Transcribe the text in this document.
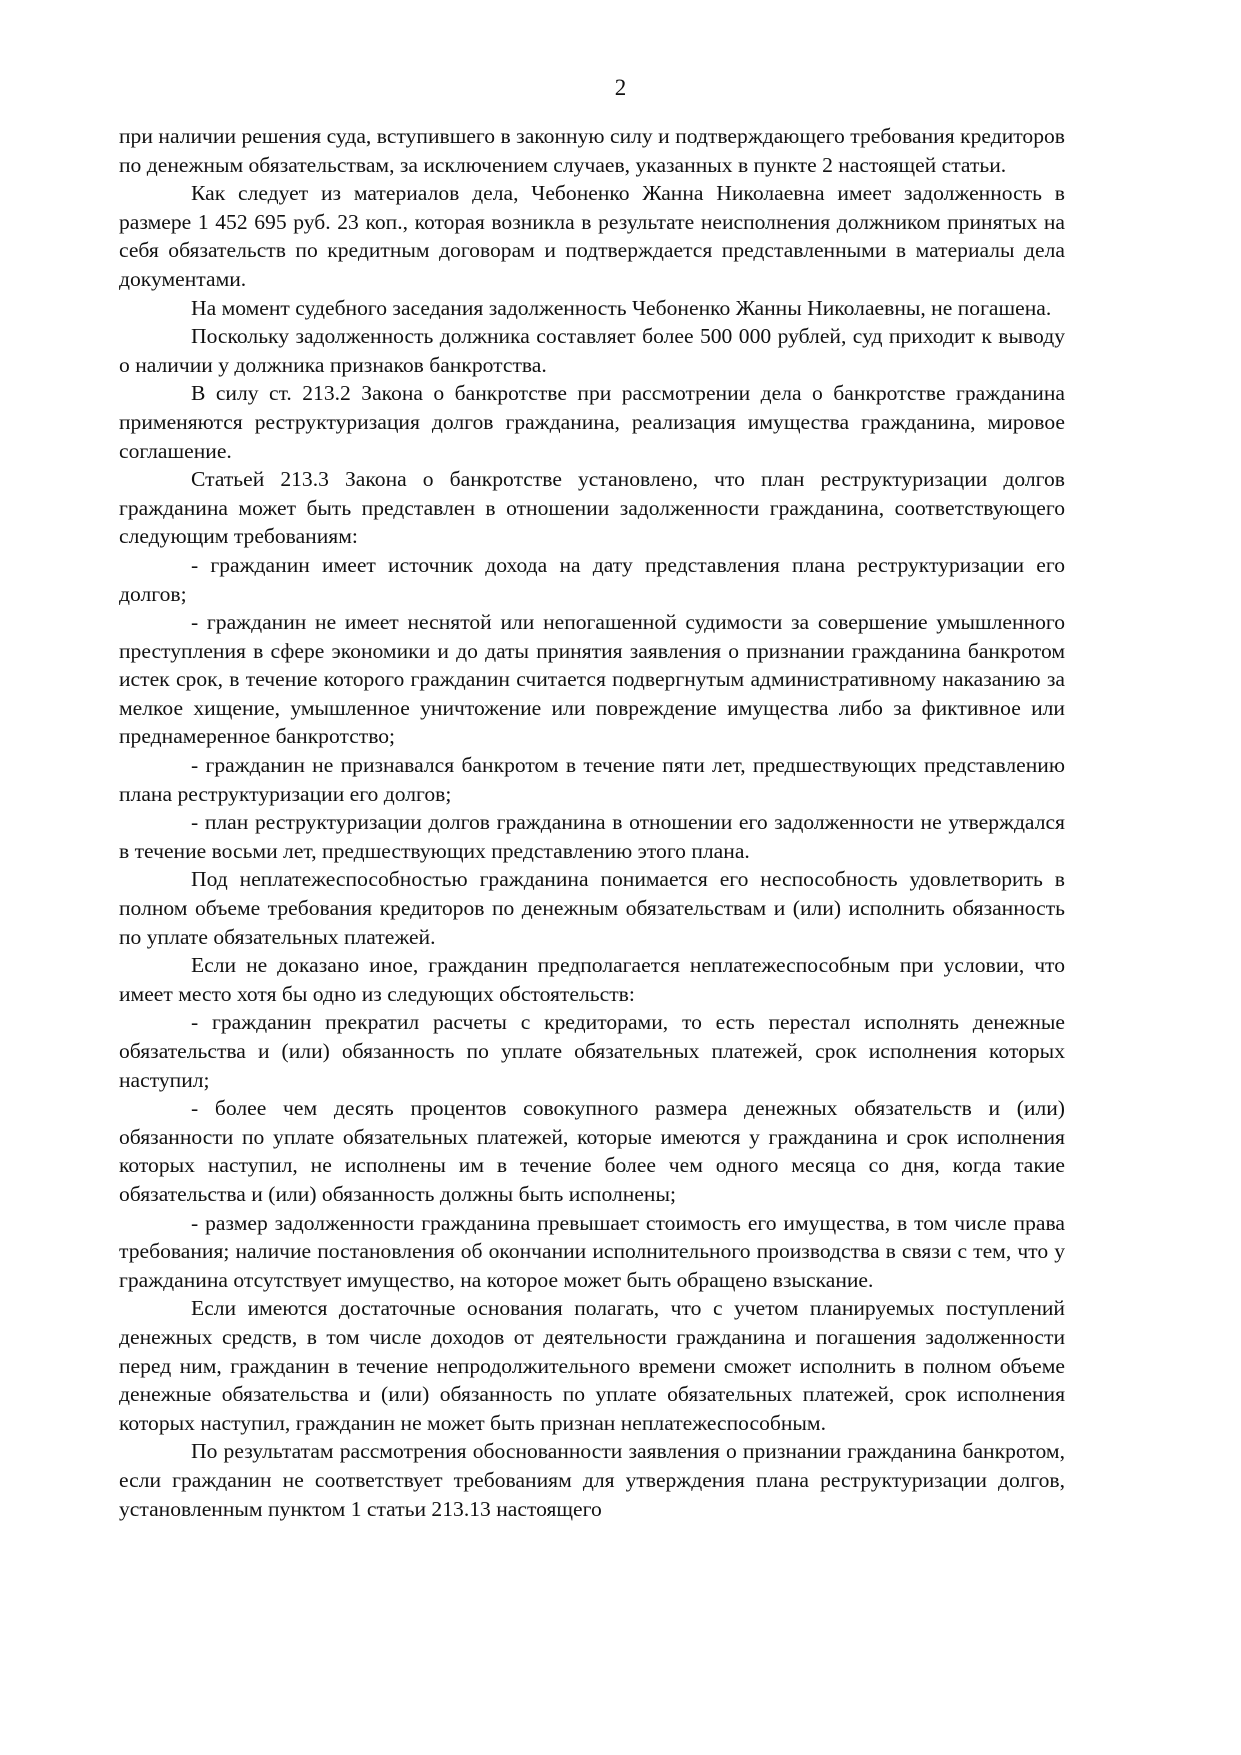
2

при наличии решения суда, вступившего в законную силу и подтверждающего требования кредиторов по денежным обязательствам, за исключением случаев, указанных в пункте 2 настоящей статьи.

Как следует из материалов дела, Чебоненко Жанна Николаевна имеет задолженность в размере 1 452 695 руб. 23 коп., которая возникла в результате неисполнения должником принятых на себя обязательств по кредитным договорам и подтверждается представленными в материалы дела документами.

На момент судебного заседания задолженность Чебоненко Жанны Николаевны, не погашена.

Поскольку задолженность должника составляет более 500 000 рублей, суд приходит к выводу о наличии у должника признаков банкротства.

В силу ст. 213.2 Закона о банкротстве при рассмотрении дела о банкротстве гражданина применяются реструктуризация долгов гражданина, реализация имущества гражданина, мировое соглашение.

Статьей 213.3 Закона о банкротстве установлено, что план реструктуризации долгов гражданина может быть представлен в отношении задолженности гражданина, соответствующего следующим требованиям:

- гражданин имеет источник дохода на дату представления плана реструктуризации его долгов;

- гражданин не имеет неснятой или непогашенной судимости за совершение умышленного преступления в сфере экономики и до даты принятия заявления о признании гражданина банкротом истек срок, в течение которого гражданин считается подвергнутым административному наказанию за мелкое хищение, умышленное уничтожение или повреждение имущества либо за фиктивное или преднамеренное банкротство;

- гражданин не признавался банкротом в течение пяти лет, предшествующих представлению плана реструктуризации его долгов;

- план реструктуризации долгов гражданина в отношении его задолженности не утверждался в течение восьми лет, предшествующих представлению этого плана.

Под неплатежеспособностью гражданина понимается его неспособность удовлетворить в полном объеме требования кредиторов по денежным обязательствам и (или) исполнить обязанность по уплате обязательных платежей.

Если не доказано иное, гражданин предполагается неплатежеспособным при условии, что имеет место хотя бы одно из следующих обстоятельств:

- гражданин прекратил расчеты с кредиторами, то есть перестал исполнять денежные обязательства и (или) обязанность по уплате обязательных платежей, срок исполнения которых наступил;

- более чем десять процентов совокупного размера денежных обязательств и (или) обязанности по уплате обязательных платежей, которые имеются у гражданина и срок исполнения которых наступил, не исполнены им в течение более чем одного месяца со дня, когда такие обязательства и (или) обязанность должны быть исполнены;

- размер задолженности гражданина превышает стоимость его имущества, в том числе права требования; наличие постановления об окончании исполнительного производства в связи с тем, что у гражданина отсутствует имущество, на которое может быть обращено взыскание.

Если имеются достаточные основания полагать, что с учетом планируемых поступлений денежных средств, в том числе доходов от деятельности гражданина и погашения задолженности перед ним, гражданин в течение непродолжительного времени сможет исполнить в полном объеме денежные обязательства и (или) обязанность по уплате обязательных платежей, срок исполнения которых наступил, гражданин не может быть признан неплатежеспособным.

По результатам рассмотрения обоснованности заявления о признании гражданина банкротом, если гражданин не соответствует требованиям для утверждения плана реструктуризации долгов, установленным пунктом 1 статьи 213.13 настоящего
